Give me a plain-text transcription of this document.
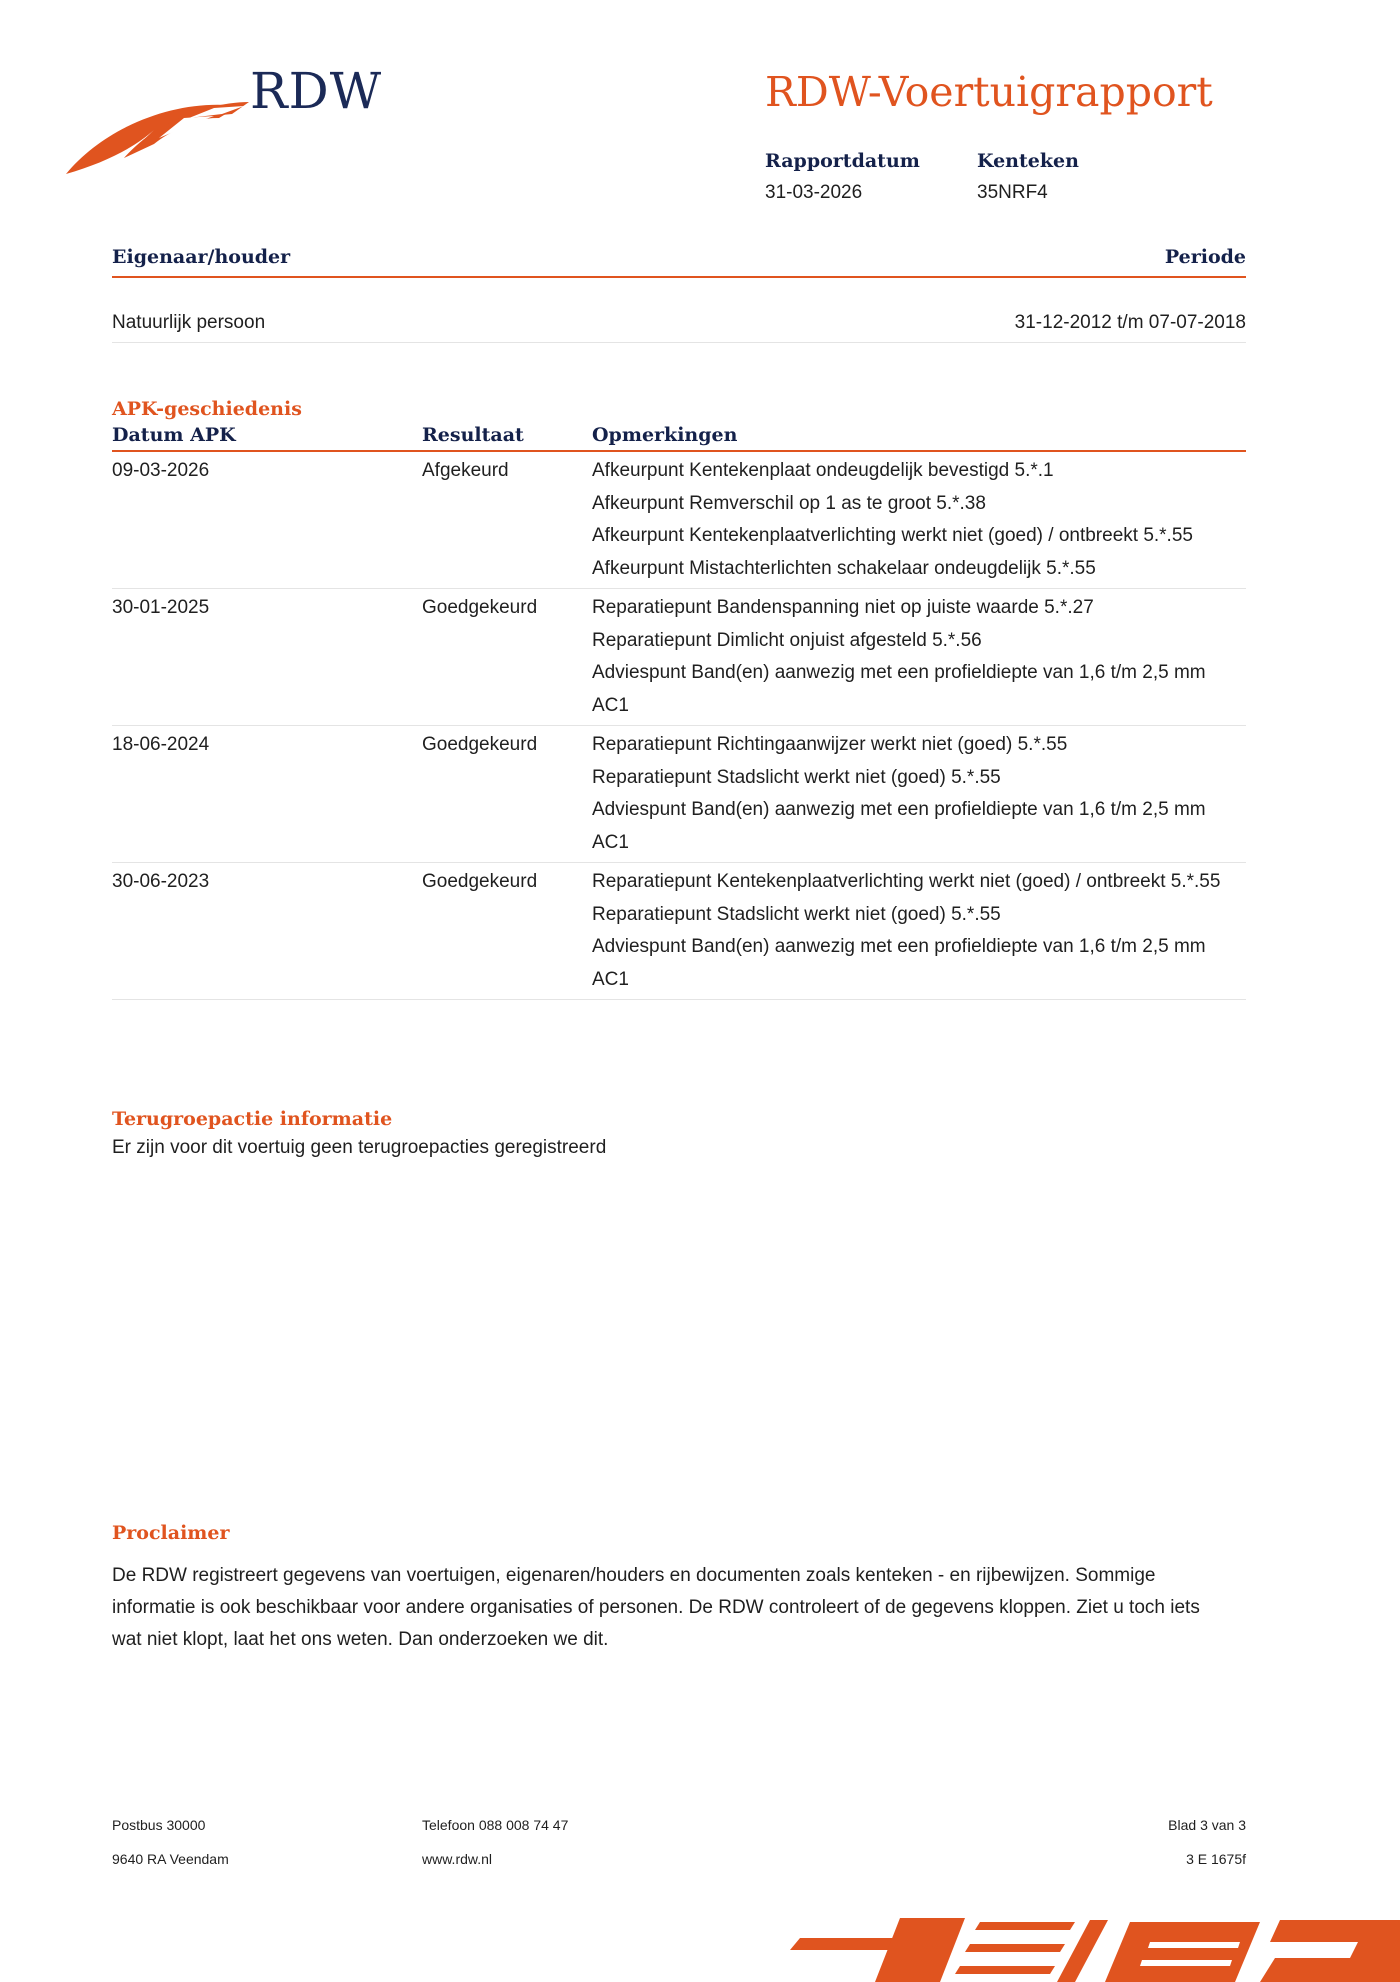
RDW	RDW-Voertuigrapport
Rapportdatum
31-03-2026
Kenteken
35NRF4
Eigenaar/houder	Periode
Natuurlijk persoon	31-12-2012 t/m 07-07-2018
APK-geschiedenis
Datum APK	Resultaat	Opmerkingen
09-03-2026	Afgekeurd	Afkeurpunt Kentekenplaat ondeugdelijk bevestigd 5.*.1
Afkeurpunt Remverschil op 1 as te groot 5.*.38
Afkeurpunt Kentekenplaatverlichting werkt niet (goed) / ontbreekt 5.*.55
Afkeurpunt Mistachterlichten schakelaar ondeugdelijk 5.*.55

30-01-2025	Goedgekeurd	Reparatiepunt Bandenspanning niet op juiste waarde 5.*.27
Reparatiepunt Dimlicht onjuist afgesteld 5.*.56
Adviespunt Band(en) aanwezig met een profieldiepte van 1,6 t/m 2,5 mm AC1

18-06-2024	Goedgekeurd	Reparatiepunt Richtingaanwijzer werkt niet (goed) 5.*.55
Reparatiepunt Stadslicht werkt niet (goed) 5.*.55
Adviespunt Band(en) aanwezig met een profieldiepte van 1,6 t/m 2,5 mm AC1

30-06-2023	Goedgekeurd	Reparatiepunt Kentekenplaatverlichting werkt niet (goed) / ontbreekt 5.*.55
Reparatiepunt Stadslicht werkt niet (goed) 5.*.55
Adviespunt Band(en) aanwezig met een profieldiepte van 1,6 t/m 2,5 mm AC1
Terugroepactie informatie
Er zijn voor dit voertuig geen terugroepacties geregistreerd
Proclaimer
De RDW registreert gegevens van voertuigen, eigenaren/houders en documenten zoals kenteken - en rijbewijzen. Sommige informatie is ook beschikbaar voor andere organisaties of personen. De RDW controleert of de gegevens kloppen. Ziet u toch iets wat niet klopt, laat het ons weten. Dan onderzoeken we dit.
Postbus 30000
9640 RA Veendam
Telefoon 088 008 74 47
www.rdw.nl
Blad 3 van 3
3 E 1675f
